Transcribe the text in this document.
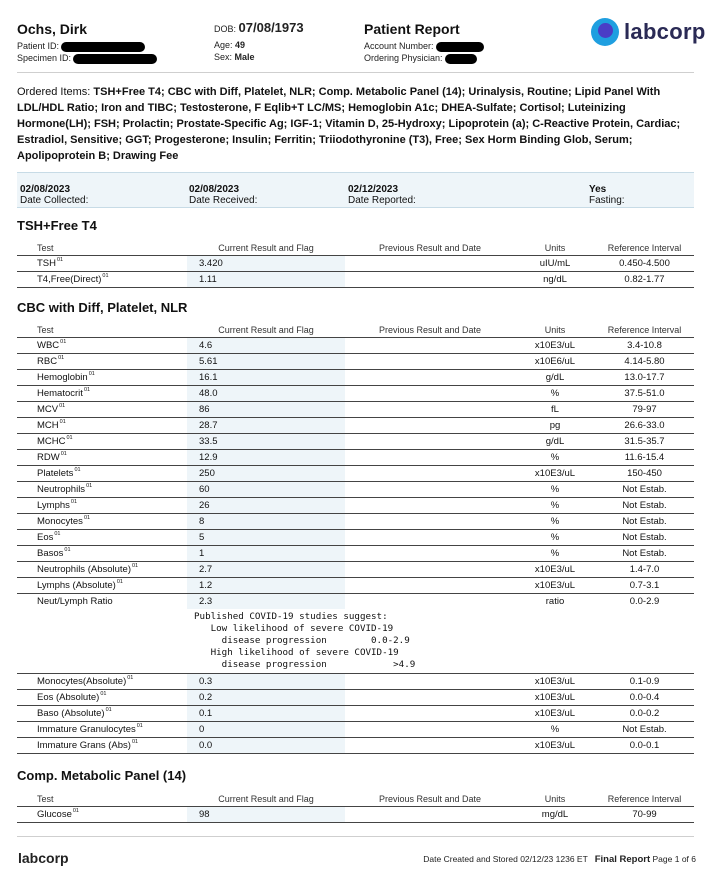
Ochs, Dirk
Patient ID:
Specimen ID:
DOB: 07/08/1973
Age: 49
Sex: Male
Patient Report
Account Number:
Ordering Physician:
labcorp
Ordered Items: TSH+Free T4; CBC with Diff, Platelet, NLR; Comp. Metabolic Panel (14); Urinalysis, Routine; Lipid Panel With LDL/HDL Ratio; Iron and TIBC; Testosterone, F Eqlib+T LC/MS; Hemoglobin A1c; DHEA-Sulfate; Cortisol; Luteinizing Hormone(LH); FSH; Prolactin; Prostate-Specific Ag; IGF-1; Vitamin D, 25-Hydroxy; Lipoprotein (a); C-Reactive Protein, Cardiac; Estradiol, Sensitive; GGT; Progesterone; Insulin; Ferritin; Triiodothyronine (T3), Free; Sex Horm Binding Glob, Serum; Apolipoprotein B; Drawing Fee
Date Collected:
02/08/2023
Date Received:
02/08/2023
Date Reported:
02/12/2023
Fasting:
Yes
TSH+Free T4
Test	Current Result and Flag	Previous Result and Date	Units	Reference Interval
TSH$^{01}$	3.420		uIU/mL	0.450-4.500
T4,Free(Direct)$^{01}$	1.11		ng/dL	0.82-1.77
CBC with Diff, Platelet, NLR
Test	Current Result and Flag	Previous Result and Date	Units	Reference Interval
WBC$^{01}$	4.6		x10E3/uL	3.4-10.8
RBC$^{01}$	5.61		x10E6/uL	4.14-5.80
Hemoglobin$^{01}$	16.1		g/dL	13.0-17.7
Hematocrit$^{01}$	48.0		%	37.5-51.0
MCV$^{01}$	86		fL	79-97
MCH$^{01}$	28.7		pg	26.6-33.0
MCHC$^{01}$	33.5		g/dL	31.5-35.7
RDW$^{01}$	12.9		%	11.6-15.4
Platelets$^{01}$	250		x10E3/uL	150-450
Neutrophils$^{01}$	60		%	Not Estab.
Lymphs$^{01}$	26		%	Not Estab.
Monocytes$^{01}$	8		%	Not Estab.
Eos$^{01}$	5		%	Not Estab.
Basos$^{01}$	1		%	Not Estab.
Neutrophils (Absolute)$^{01}$	2.7		x10E3/uL	1.4-7.0
Lymphs (Absolute)$^{01}$	1.2		x10E3/uL	0.7-3.1
Neut/Lymph Ratio	2.3		ratio	0.0-2.9

	Published COVID-19 studies suggest:
Low likelihood of severe COVID-19
disease progression        0.0-2.9
High likelihood of severe COVID-19
disease progression            >4.9			

Monocytes(Absolute)$^{01}$	0.3		x10E3/uL	0.1-0.9
Eos (Absolute)$^{01}$	0.2		x10E3/uL	0.0-0.4
Baso (Absolute)$^{01}$	0.1		x10E3/uL	0.0-0.2
Immature Granulocytes$^{01}$	0		%	Not Estab.
Immature Grans (Abs)$^{01}$	0.0		x10E3/uL	0.0-0.1
Comp. Metabolic Panel (14)
Test	Current Result and Flag	Previous Result and Date	Units	Reference Interval
Glucose$^{01}$	98		mg/dL	70-99
labcorp	Date Created and Stored 02/12/23 1236 ET Final Report Page 1 of 6
